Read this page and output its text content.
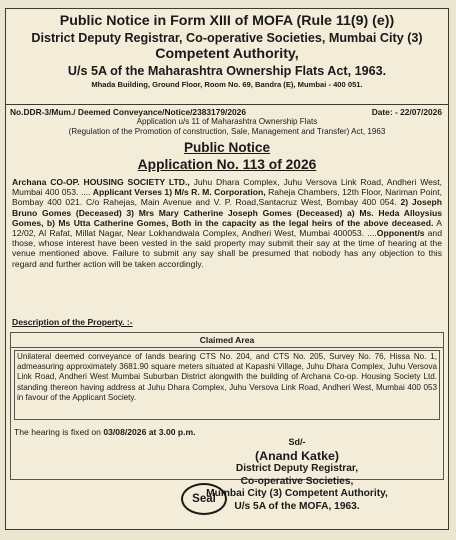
Public Notice in Form XIII of MOFA (Rule 11(9) (e))
District Deputy Registrar, Co-operative Societies, Mumbai City (3)
Competent Authority,
U/s 5A of the Maharashtra Ownership Flats Act, 1963.
Mhada Building, Ground Floor, Room No. 69, Bandra (E), Mumbai - 400 051.
No.DDR-3/Mum./ Deemed Conveyance/Notice/2383179/2026	Date: - 22/07/2026
Application u/s 11 of Maharashtra Ownership Flats
(Regulation of the Promotion of construction, Sale, Management and Transfer) Act, 1963
Public Notice
Application No. 113 of 2026
Archana CO-OP. HOUSING SOCIETY LTD., Juhu Dhara Complex, Juhu Versova Link Road, Andheri West, Mumbai 400 053. .... Applicant Verses 1) M/s R. M. Corporation, Raheja Chambers, 12th Floor, Nariman Point, Bombay 400 021. C/o Rahejas, Main Avenue and V. P. Road,Santacruz West, Bombay 400 054. 2) Joseph Bruno Gomes (Deceased) 3) Mrs Mary Catherine Joseph Gomes (Deceased) a) Ms. Heda Alloysius Gomes, b) Ms Utta Catherine Gomes, Both in the capacity as the legal heirs of the above deceased. A 12/02, Al Rafat, Millat Nagar, Near Lokhandwala Complex, Andheri West, Mumbai 400053. ....Opponent/s and those, whose interest have been vested in the said property may submit their say at the time of hearing at the venue mentioned above. Failure to submit any say shall be presumed that nobody has any objection to this regard and further action will be taken accordingly.
Description of the Property. :-
Claimed Area
Unilateral deemed conveyance of lands bearing CTS No. 204, and CTS No. 205, Survey No. 76, Hissa No. 1, admeasuring approximately 3681.90 square meters situated at Kapashi Village, Juhu Dhara Complex, Juhu Versova Link Road, Andheri West Mumbai Suburban District alongwith the building of Archana Co-op. Housing Society Ltd. standing thereon having address at Juhu Dhara Complex, Juhu Versova Link Road, Andheri West, Mumbai 400 053 in favour of the Applicant Society.
The hearing is fixed on 03/08/2026 at 3.00 p.m.
Seal
Sd/-
(Anand Katke)
District Deputy Registrar,
Co-operative Societies,
Mumbai City (3) Competent Authority,
U/s 5A of the MOFA, 1963.
